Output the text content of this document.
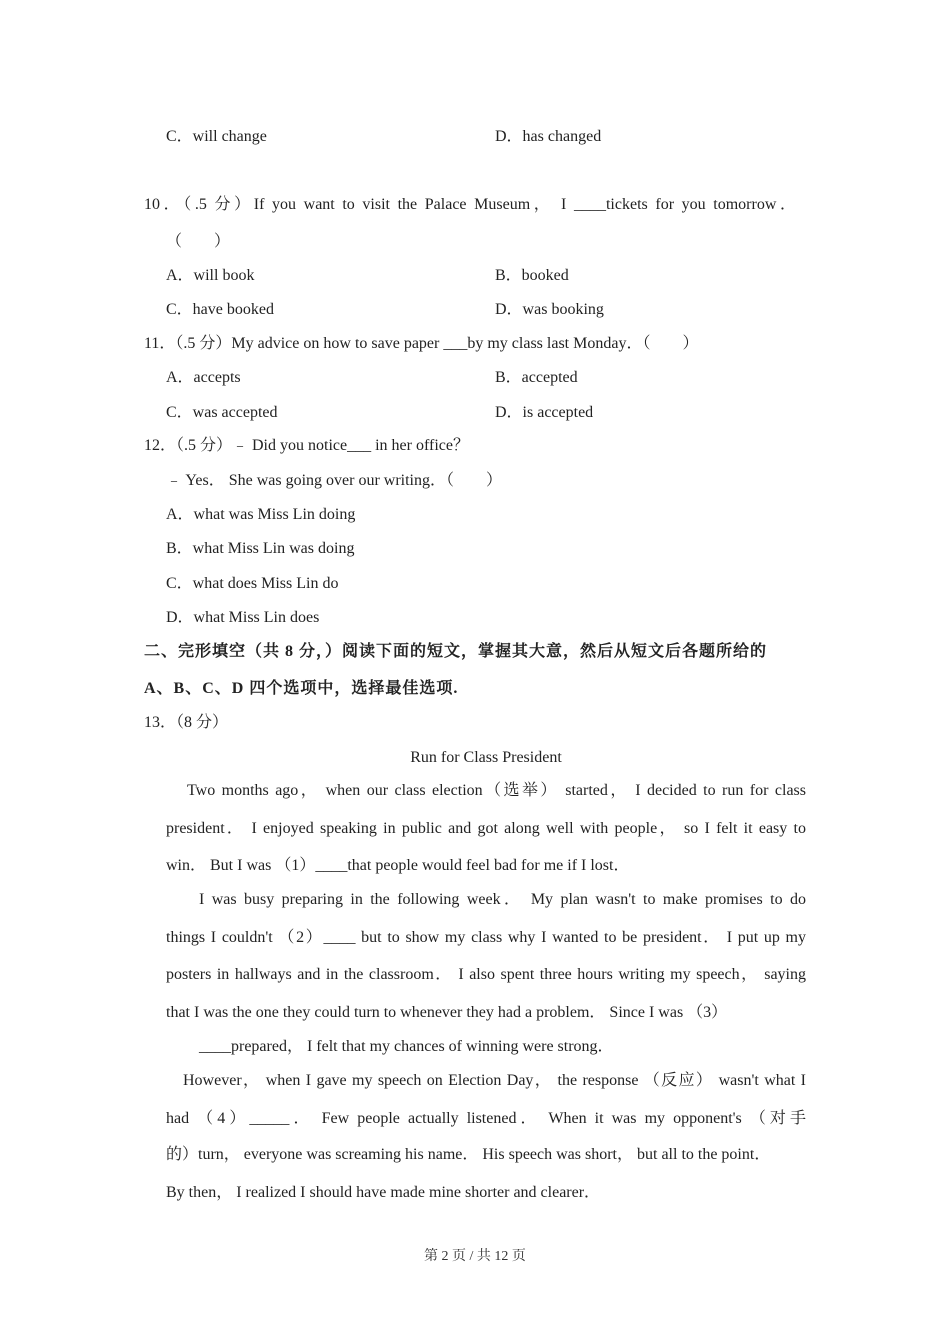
C．will change	D．has changed
10．（.5 分）If you want to visit the Palace Museum， I ____tickets for you tomorrow．
（　　）
A．will book	B．booked
C．have booked	D．was booking
11．（.5 分）My advice on how to save paper ___by my class last Monday．（　　）
A．accepts	B．accepted
C．was accepted	D．is accepted
12．（.5 分）﹣ Did you notice___ in her office？
﹣ Yes． She was going over our writing．（　　）
A．what was Miss Lin doing
B．what Miss Lin was doing
C．what does Miss Lin do
D．what Miss Lin does
二、完形填空（共 8 分，）阅读下面的短文，掌握其大意，然后从短文后各题所给的
A、B、C、D 四个选项中，选择最佳选项.
13．（8 分）
Run for Class President
Two months ago， when our class election（选举） started， I decided to run for class
president． I enjoyed speaking in public and got along well with people， so I felt it easy to
win． But I was （1）____that people would feel bad for me if I lost．
I was busy preparing in the following week． My plan wasn't to make promises to do
things I couldn't （2）____ but to show my class why I wanted to be president． I put up my
posters in hallways and in the classroom． I also spent three hours writing my speech， saying
that I was the one they could turn to whenever they had a problem． Since I was （3）
____prepared， I felt that my chances of winning were strong．
However， when I gave my speech on Election Day， the response （反应） wasn't what I
had （4）_____． Few people actually listened． When it was my opponent's （对手
的）turn， everyone was screaming his name． His speech was short， but all to the point．
By then， I realized I should have made mine shorter and clearer．
第 2 页 / 共 12 页
